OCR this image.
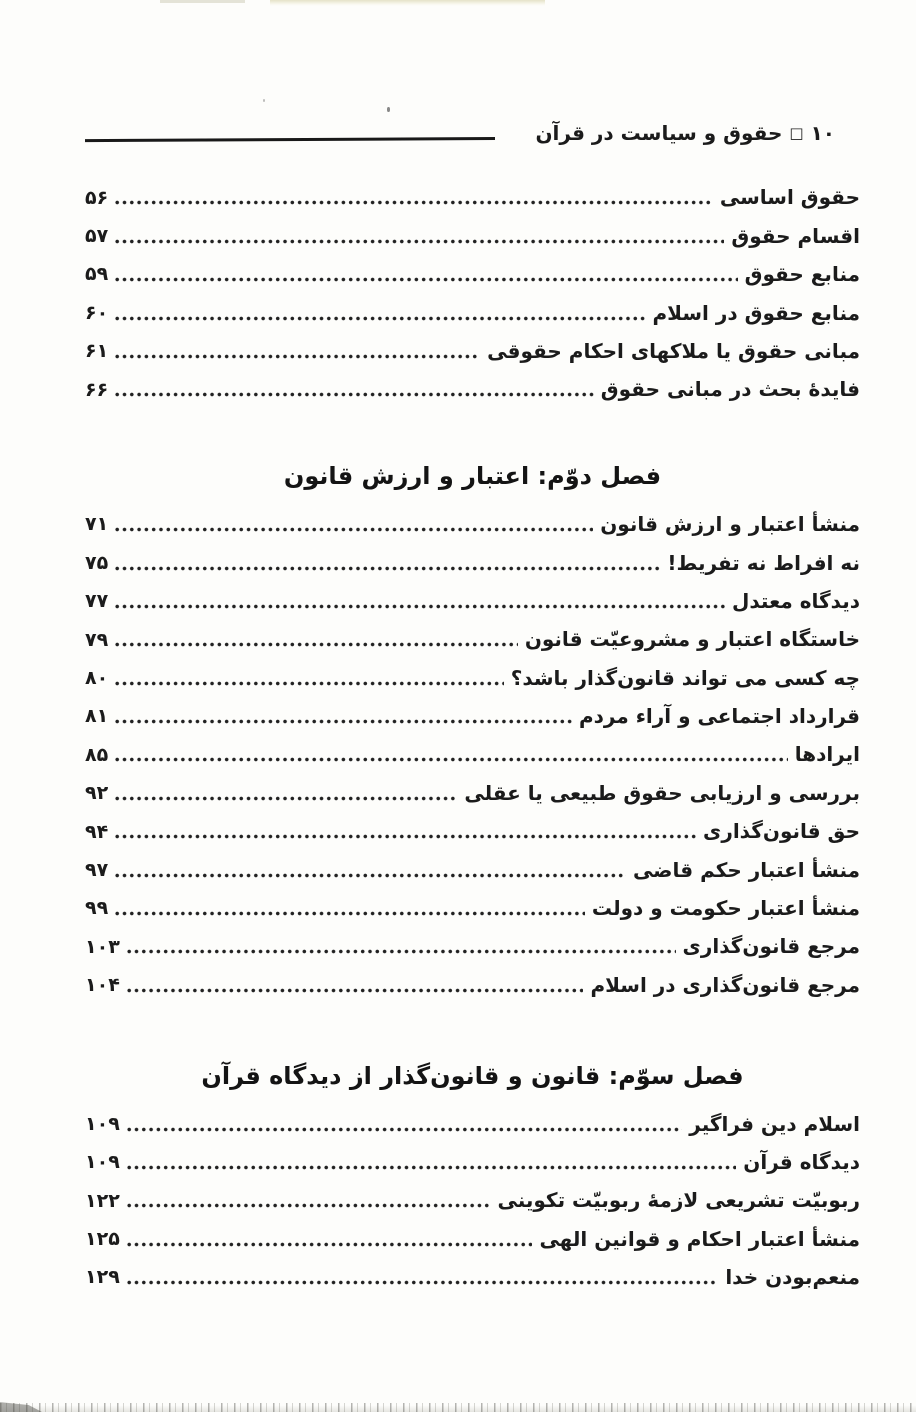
۱۰□حقوق و سیاست در قرآن
حقوق اساسی
۵۶
اقسام حقوق
۵۷
منابع حقوق
۵۹
منابع حقوق در اسلام
۶۰
مبانی حقوق یا ملاکهای احکام حقوقی
۶۱
فایدهٔ بحث در مبانی حقوق
۶۶
فصل دوّم: اعتبار و ارزش قانون
منشأ اعتبار و ارزش قانون
۷۱
نه افراط نه تفریط!
۷۵
دیدگاه معتدل
۷۷
خاستگاه اعتبار و مشروعیّت قانون
۷۹
چه کسی می تواند قانون‌گذار باشد؟
۸۰
قرارداد اجتماعی و آراء مردم
۸۱
ایرادها
۸۵
بررسی و ارزیابی حقوق طبیعی یا عقلی
۹۲
حق قانون‌گذاری
۹۴
منشأ اعتبار حکم قاضی
۹۷
منشأ اعتبار حکومت و دولت
۹۹
مرجع قانون‌گذاری
۱۰۳
مرجع قانون‌گذاری در اسلام
۱۰۴
فصل سوّم: قانون و قانون‌گذار از دیدگاه قرآن
اسلام دین فراگیر
۱۰۹
دیدگاه قرآن
۱۰۹
ربوبیّت تشریعی لازمهٔ ربوبیّت تکوینی
۱۲۲
منشأ اعتبار احکام و قوانین الهی
۱۲۵
منعم‌بودن خدا
۱۲۹
